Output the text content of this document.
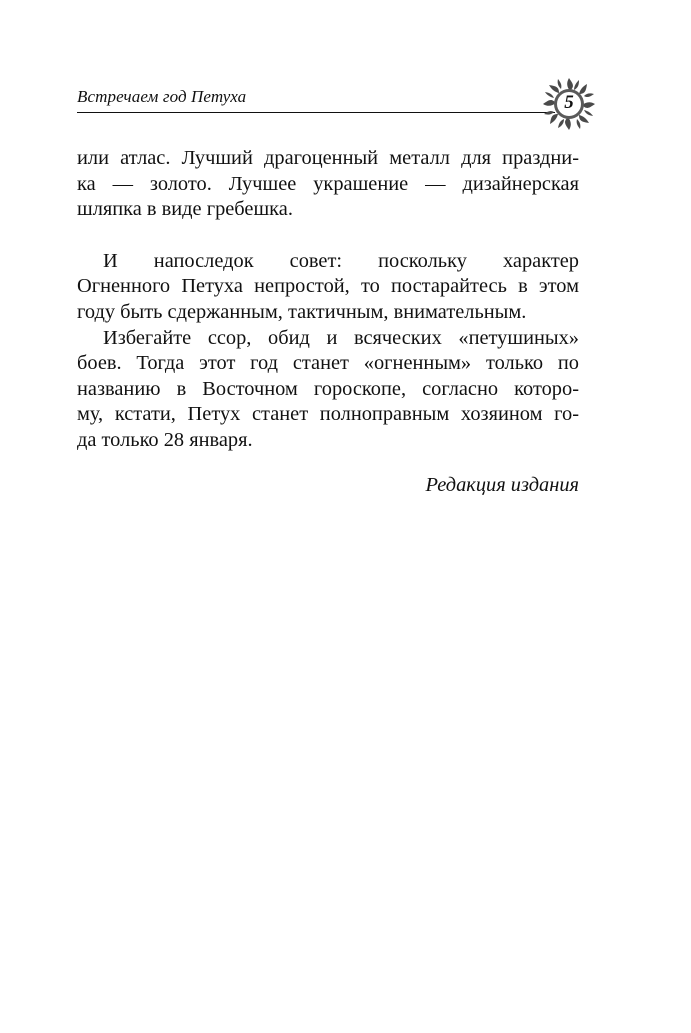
Встречаем год Петуха	5

или атлас. Лучший драгоценный металл для праздни-
ка — золото. Лучшее украшение — дизайнерская
шляпка в виде гребешка.

И напоследок совет: поскольку характер
Огненного Петуха непростой, то постарайтесь в этом
году быть сдержанным, тактичным, внимательным.

Избегайте ссор, обид и всяческих «петушиных»
боев. Тогда этот год станет «огненным» только по
названию в Восточном гороскопе, согласно которо-
му, кстати, Петух станет полноправным хозяином го-
да только 28 января.

Редакция издания
